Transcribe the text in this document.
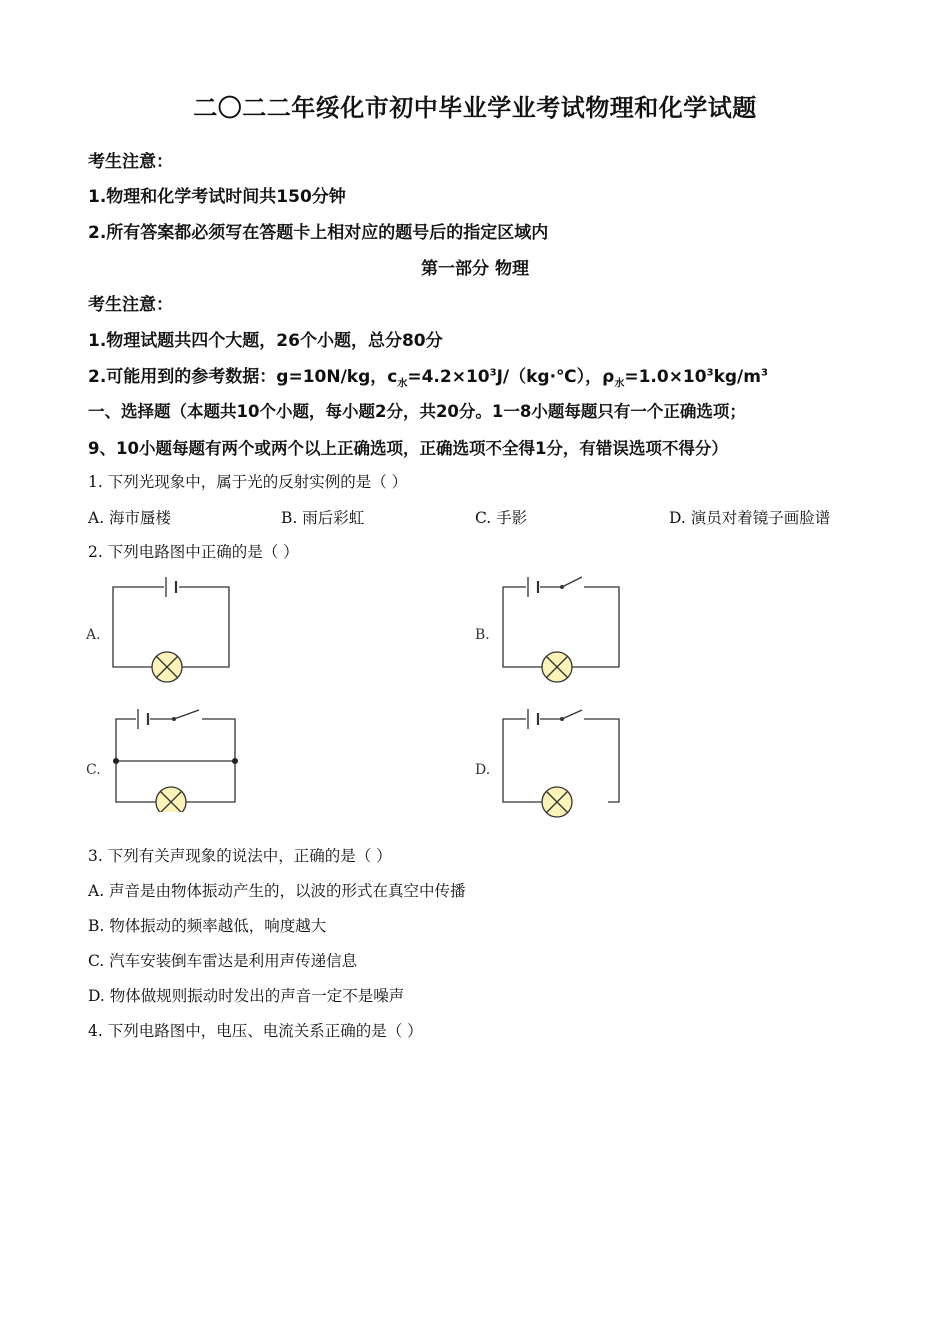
二〇二二年绥化市初中毕业学业考试物理和化学试题
考生注意：
1.物理和化学考试时间共150分钟
2.所有答案都必须写在答题卡上相对应的题号后的指定区域内
第一部分 物理
考生注意：
1.物理试题共四个大题，26个小题，总分80分
2.可能用到的参考数据：g=10N/kg，$c_水=4.2\times 10^3J/(kg\cdot℃)$，$\rho_水=1.0\times 10^3kg/m^3$
一、选择题（本题共10个小题，每小题2分，共20分。1一8小题每题只有一个正确选项；
9、10小题每题有两个或两个以上正确选项，正确选项不全得1分，有错误选项不得分）
1. 下列光现象中，属于光的反射实例的是（ ）
A. 海市蜃楼	B. 雨后彩虹	C. 手影	D. 演员对着镜子画脸谱
2. 下列电路图中正确的是（ ）
A.	B.
C.	D.
3. 下列有关声现象的说法中，正确的是（ ）
A. 声音是由物体振动产生的，以波的形式在真空中传播
B. 物体振动的频率越低，响度越大
C. 汽车安装倒车雷达是利用声传递信息
D. 物体做规则振动时发出的声音一定不是噪声
4. 下列电路图中，电压、电流关系正确的是（ ）
